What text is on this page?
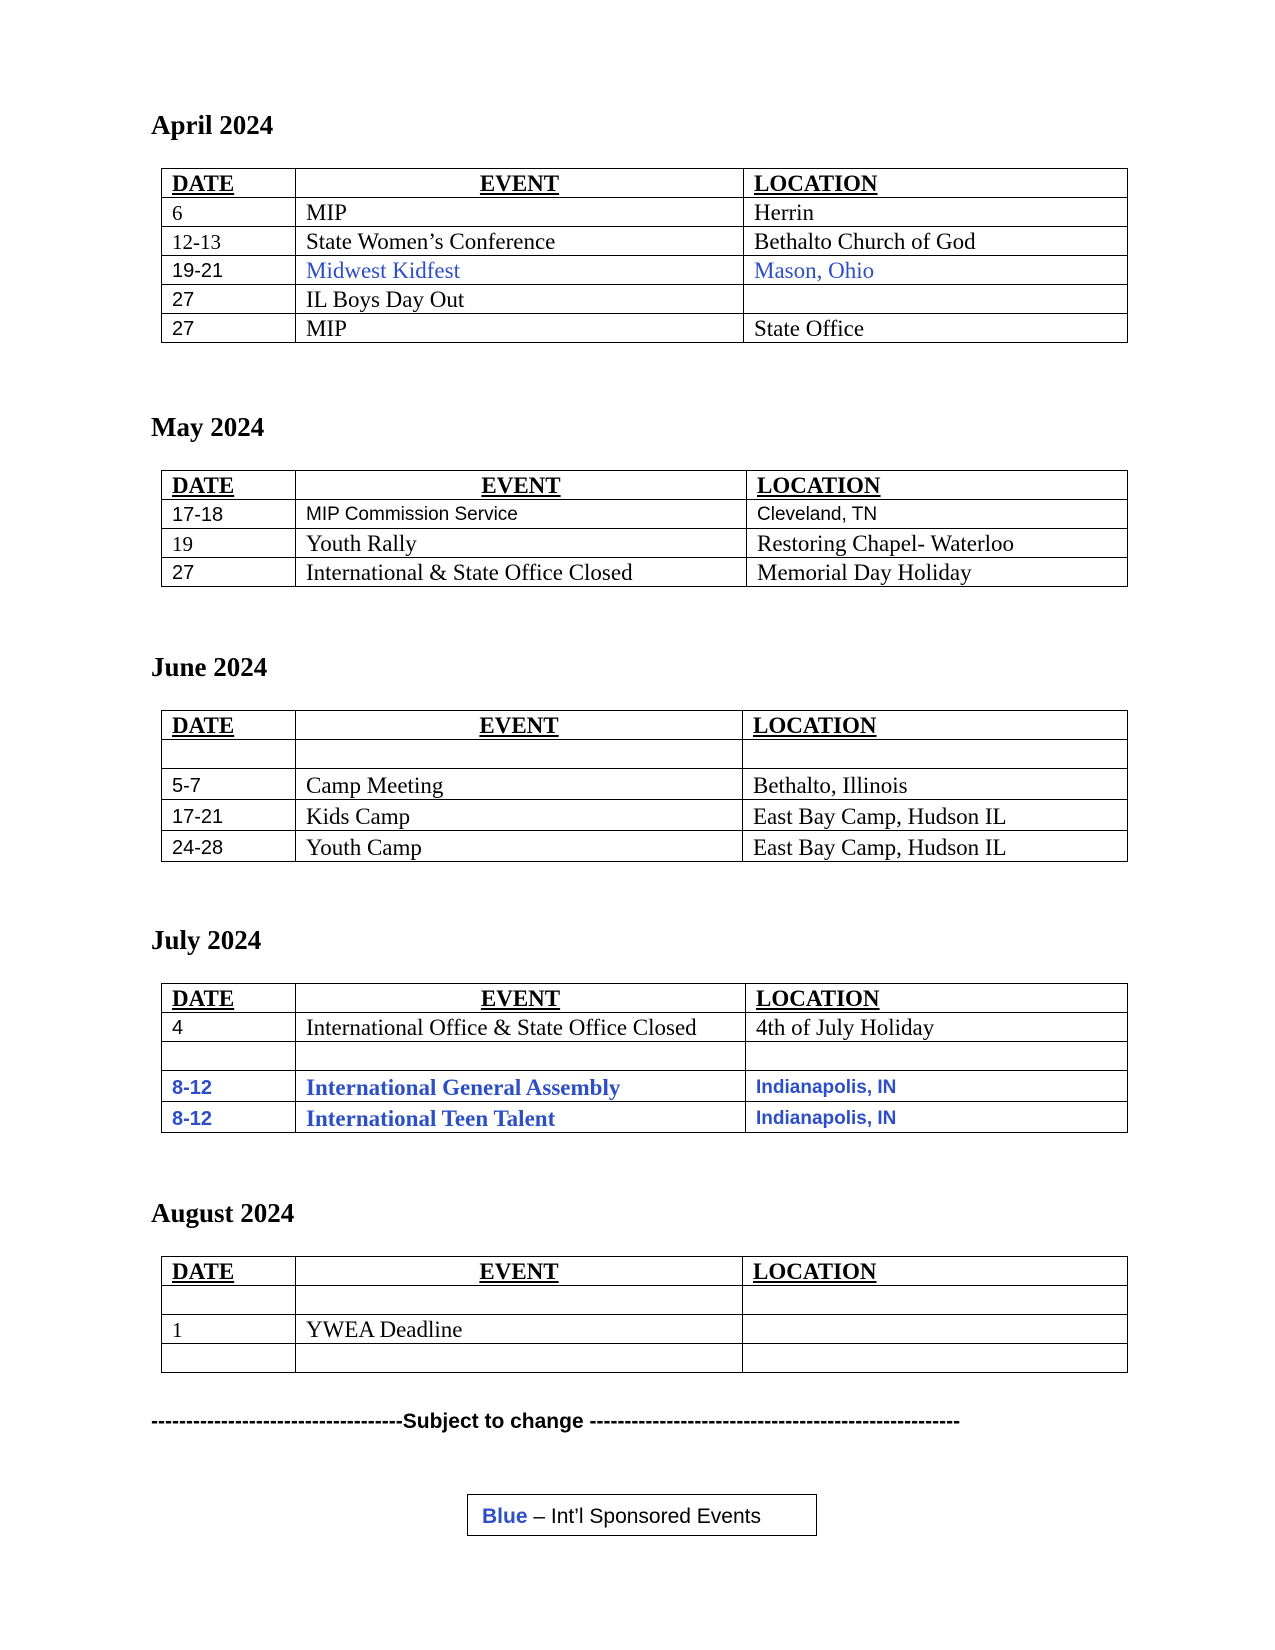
April 2024
DATE	EVENT	LOCATION
6	MIP	Herrin
12-13	State Women’s Conference	Bethalto Church of God
19-21	Midwest Kidfest	Mason, Ohio
27	IL Boys Day Out	
27	MIP	State Office
May 2024
DATE	EVENT	LOCATION
17-18	MIP Commission Service	Cleveland, TN
19	Youth Rally	Restoring Chapel- Waterloo
27	International & State Office Closed	Memorial Day Holiday
June 2024
DATE	EVENT	LOCATION

5-7	Camp Meeting	Bethalto, Illinois
17-21	Kids Camp	East Bay Camp, Hudson IL
24-28	Youth Camp	East Bay Camp, Hudson IL
July 2024
DATE	EVENT	LOCATION
4	International Office & State Office Closed	4th of July Holiday

8-12	International General Assembly	Indianapolis, IN
8-12	International Teen Talent	Indianapolis, IN
August 2024
DATE	EVENT	LOCATION

1	YWEA Deadline	

------------------------------------Subject to change -----------------------------------------------------

Blue – Int’l Sponsored Events
